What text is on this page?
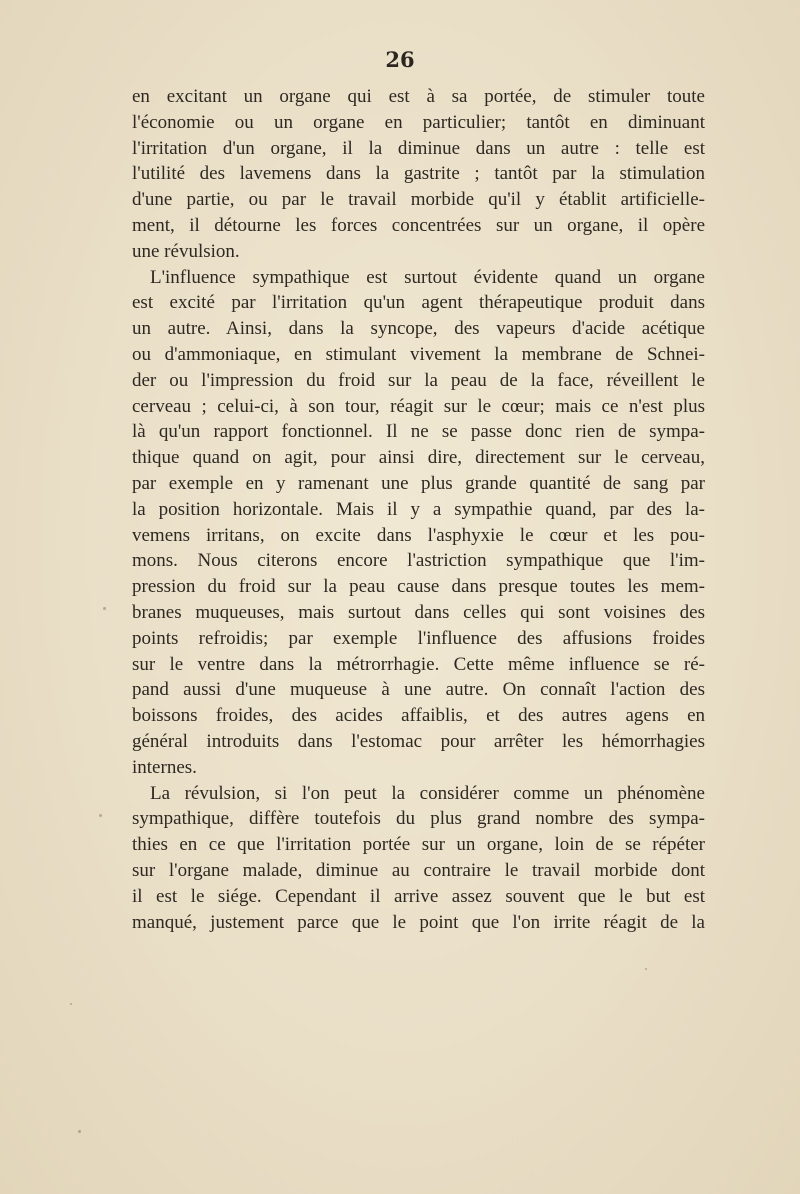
26
en excitant un organe qui est à sa portée, de stimuler toute
l'économie ou un organe en particulier; tantôt en diminuant
l'irritation d'un organe, il la diminue dans un autre : telle est
l'utilité des lavemens dans la gastrite ; tantôt par la stimulation
d'une partie, ou par le travail morbide qu'il y établit artificielle-
ment, il détourne les forces concentrées sur un organe, il opère
une révulsion.
L'influence sympathique est surtout évidente quand un organe
est excité par l'irritation qu'un agent thérapeutique produit dans
un autre. Ainsi, dans la syncope, des vapeurs d'acide acétique
ou d'ammoniaque, en stimulant vivement la membrane de Schnei-
der ou l'impression du froid sur la peau de la face, réveillent le
cerveau ; celui-ci, à son tour, réagit sur le cœur; mais ce n'est plus
là qu'un rapport fonctionnel. Il ne se passe donc rien de sympa-
thique quand on agit, pour ainsi dire, directement sur le cerveau,
par exemple en y ramenant une plus grande quantité de sang par
la position horizontale. Mais il y a sympathie quand, par des la-
vemens irritans, on excite dans l'asphyxie le cœur et les pou-
mons. Nous citerons encore l'astriction sympathique que l'im-
pression du froid sur la peau cause dans presque toutes les mem-
branes muqueuses, mais surtout dans celles qui sont voisines des
points refroidis; par exemple l'influence des affusions froides
sur le ventre dans la métrorrhagie. Cette même influence se ré-
pand aussi d'une muqueuse à une autre. On connaît l'action des
boissons froides, des acides affaiblis, et des autres agens en
général introduits dans l'estomac pour arrêter les hémorrhagies
internes.
La révulsion, si l'on peut la considérer comme un phénomène
sympathique, diffère toutefois du plus grand nombre des sympa-
thies en ce que l'irritation portée sur un organe, loin de se répéter
sur l'organe malade, diminue au contraire le travail morbide dont
il est le siége. Cependant il arrive assez souvent que le but est
manqué, justement parce que le point que l'on irrite réagit de la
